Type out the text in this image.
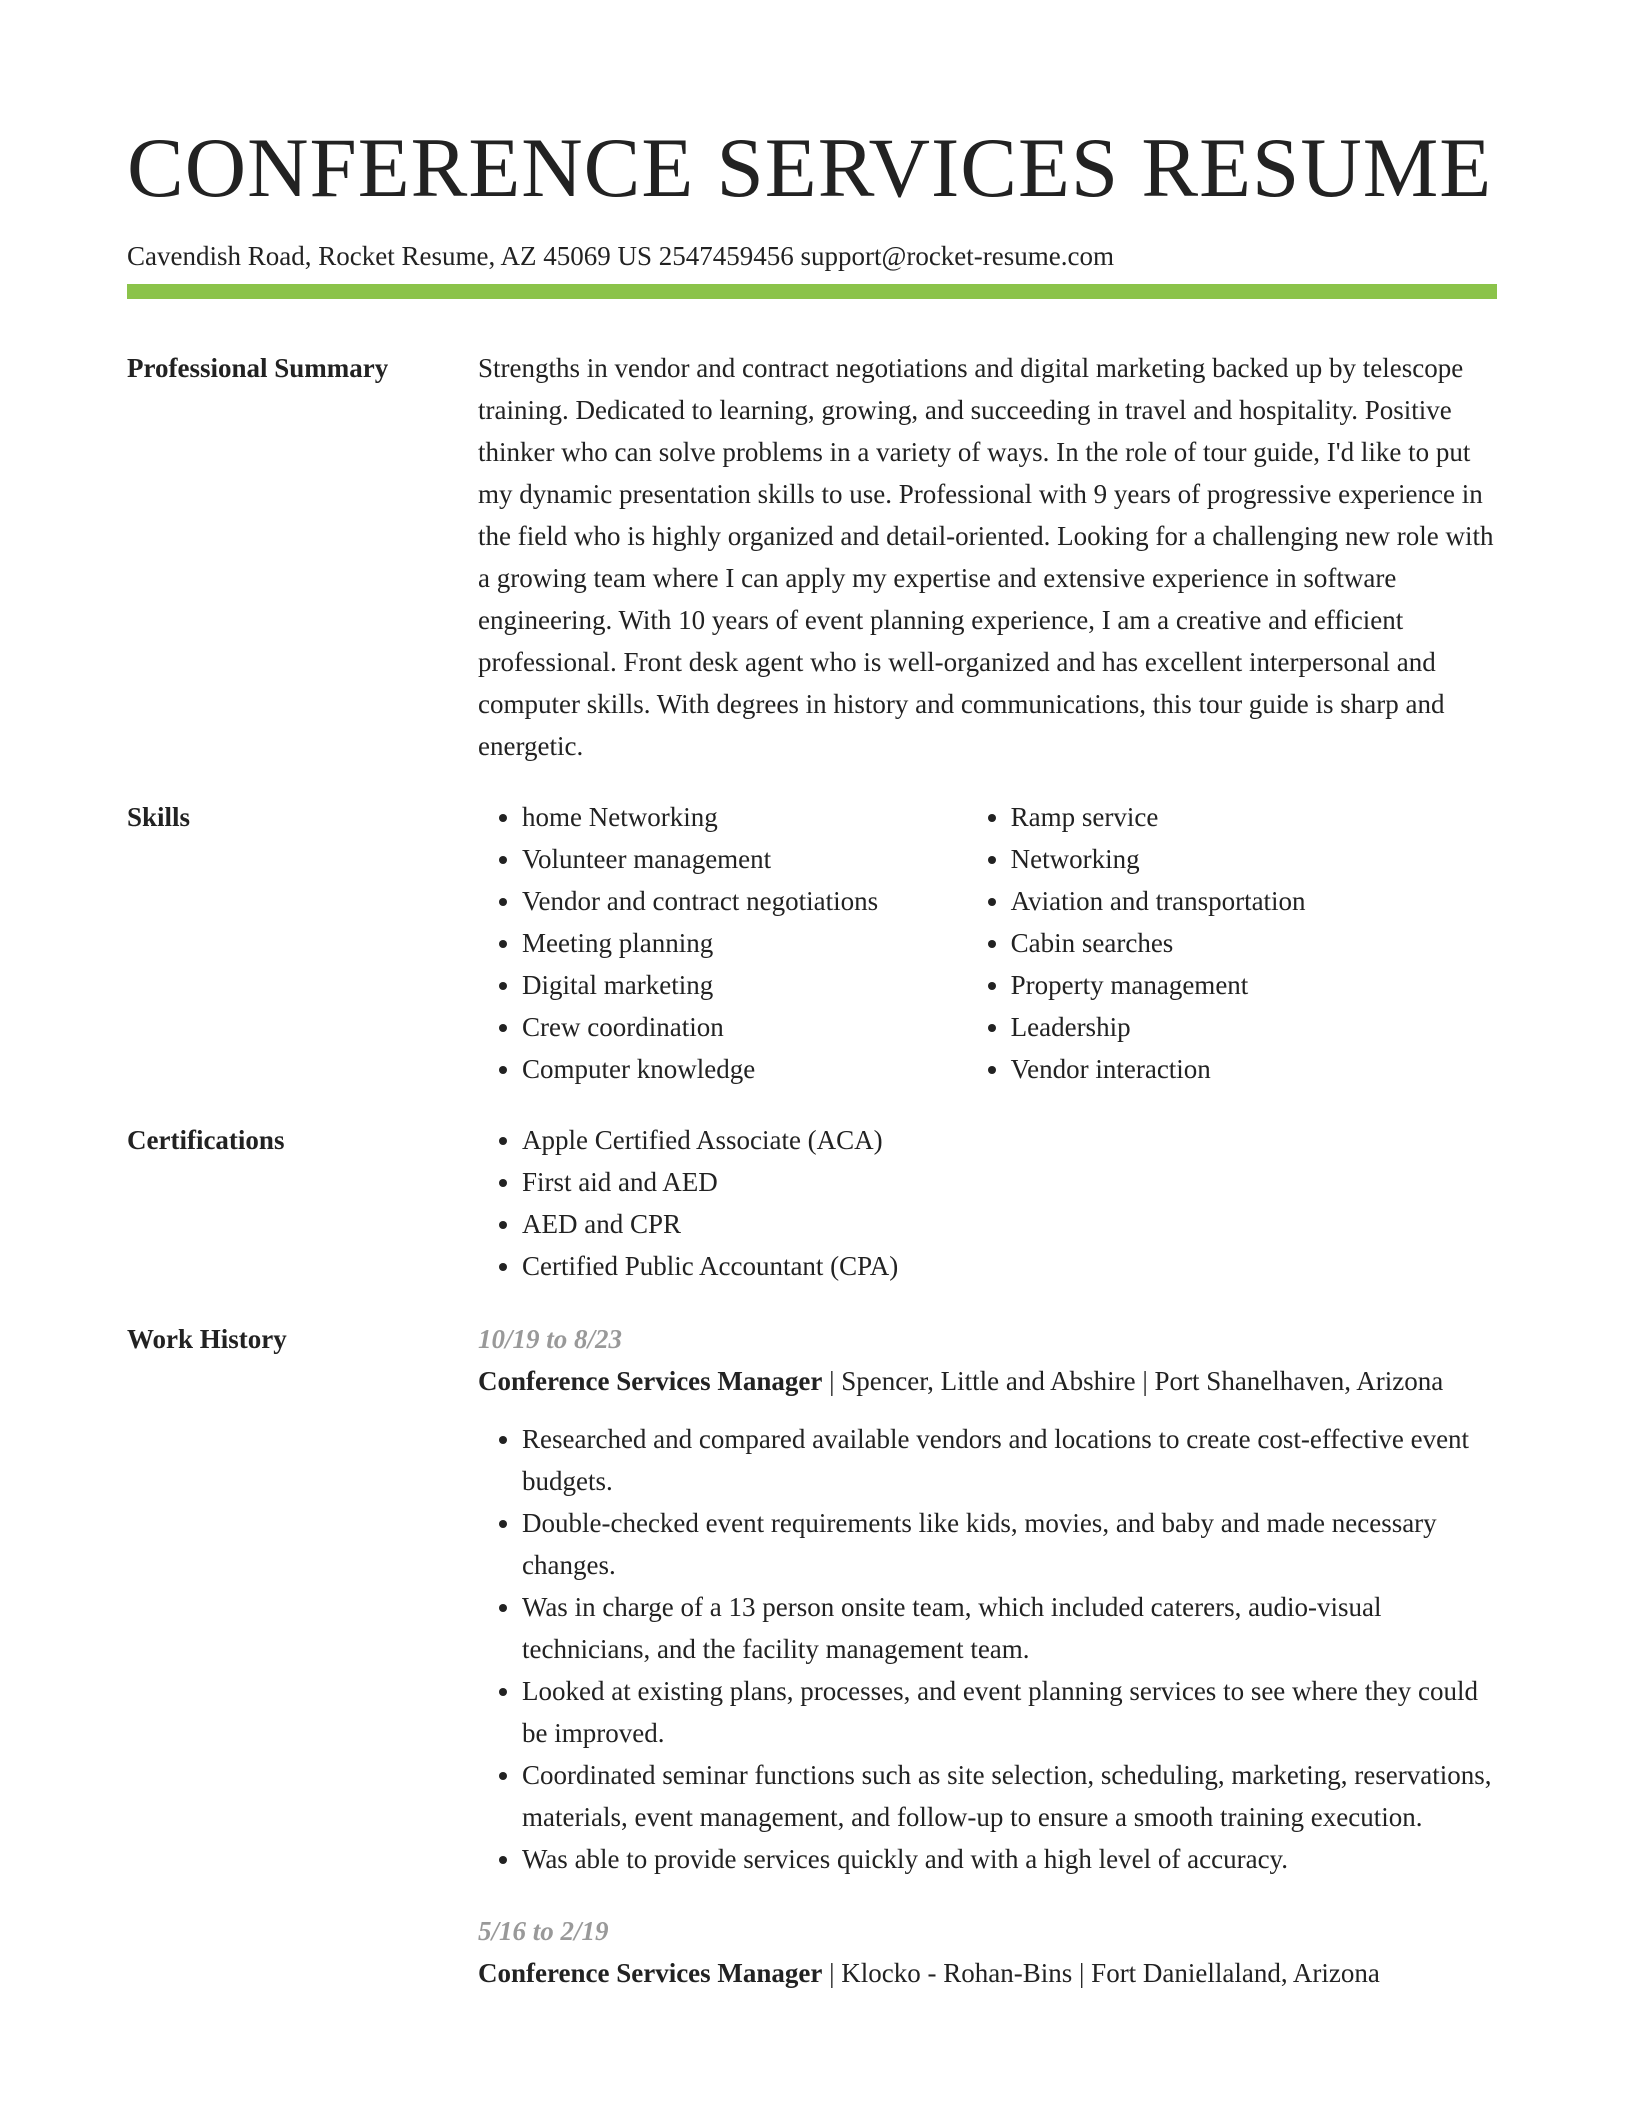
CONFERENCE SERVICES RESUME
Cavendish Road, Rocket Resume, AZ 45069 US 2547459456 support@rocket-resume.com
Professional Summary	Strengths in vendor and contract negotiations and digital marketing backed up by telescope training. Dedicated to learning, growing, and succeeding in travel and hospitality. Positive thinker who can solve problems in a variety of ways. In the role of tour guide, I'd like to put my dynamic presentation skills to use. Professional with 9 years of progressive experience in the field who is highly organized and detail-oriented. Looking for a challenging new role with a growing team where I can apply my expertise and extensive experience in software engineering. With 10 years of event planning experience, I am a creative and efficient professional. Front desk agent who is well-organized and has excellent interpersonal and computer skills. With degrees in history and communications, this tour guide is sharp and energetic.

Skills	• home Networking
• Volunteer management
• Vendor and contract negotiations
• Meeting planning
• Digital marketing
• Crew coordination
• Computer knowledge
• Ramp service
• Networking
• Aviation and transportation
• Cabin searches
• Property management
• Leadership
• Vendor interaction
Certifications	• Apple Certified Associate (ACA)
• First aid and AED
• AED and CPR
• Certified Public Accountant (CPA)
Work History	10/19 to 8/23
Conference Services Manager | Spencer, Little and Abshire | Port Shanelhaven, Arizona
• Researched and compared available vendors and locations to create cost-effective event budgets.
• Double-checked event requirements like kids, movies, and baby and made necessary changes.
• Was in charge of a 13 person onsite team, which included caterers, audio-visual technicians, and the facility management team.
• Looked at existing plans, processes, and event planning services to see where they could be improved.
• Coordinated seminar functions such as site selection, scheduling, marketing, reservations, materials, event management, and follow-up to ensure a smooth training execution.
• Was able to provide services quickly and with a high level of accuracy.
5/16 to 2/19
Conference Services Manager | Klocko - Rohan-Bins | Fort Daniellaland, Arizona
